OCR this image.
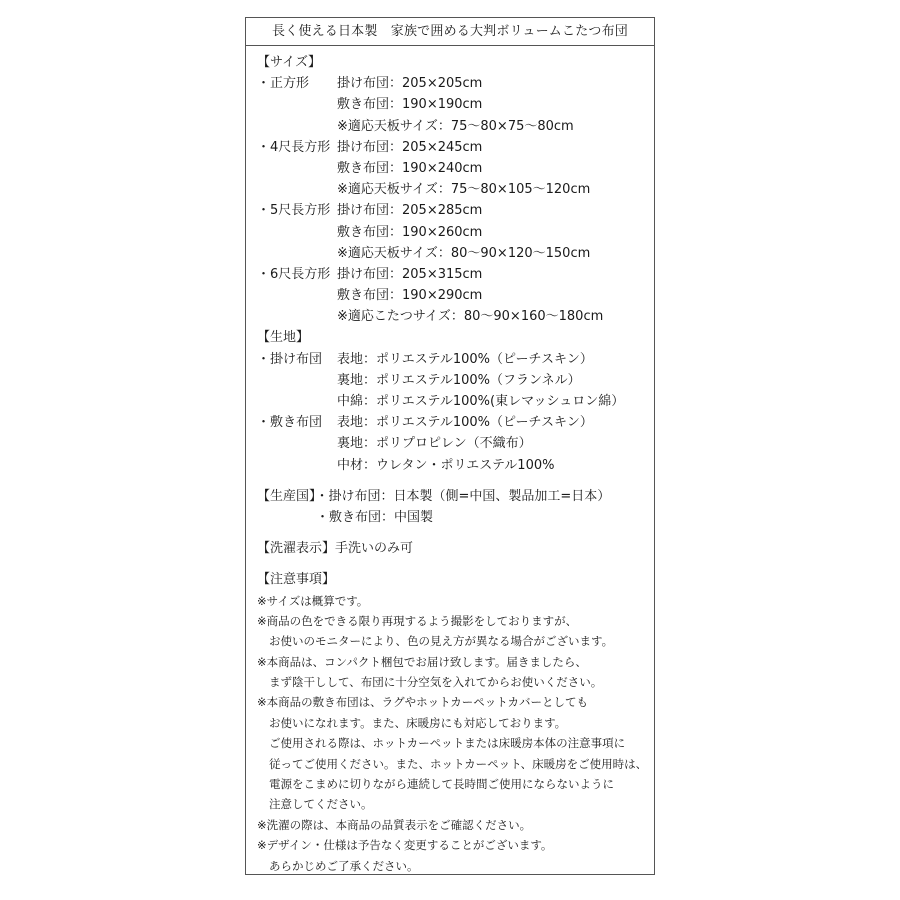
長く使える日本製　家族で囲める大判ボリュームこたつ布団
【サイズ】
・正方形 掛け布団：205×205cm
敷き布団：190×190cm
※適応天板サイズ：75～80×75～80cm
・4尺長方形 掛け布団：205×245cm
敷き布団：190×240cm
※適応天板サイズ：75～80×105～120cm
・5尺長方形 掛け布団：205×285cm
敷き布団：190×260cm
※適応天板サイズ：80～90×120～150cm
・6尺長方形 掛け布団：205×315cm
敷き布団：190×290cm
※適応こたつサイズ：80～90×160～180cm
【生地】
・掛け布団 表地：ポリエステル100%（ピーチスキン）
裏地：ポリエステル100%（フランネル）
中綿：ポリエステル100%(東レマッシュロン綿）
・敷き布団 表地：ポリエステル100%（ピーチスキン）
裏地：ポリプロピレン（不織布）
中材：ウレタン・ポリエステル100%
【生産国】・掛け布団：日本製（側=中国、製品加工=日本）
・敷き布団：中国製
【洗濯表示】手洗いのみ可
【注意事項】
※サイズは概算です。
※商品の色をできる限り再現するよう撮影をしておりますが、
お使いのモニターにより、色の見え方が異なる場合がございます。
※本商品は、コンパクト梱包でお届け致します。届きましたら、
まず陰干しして、布団に十分空気を入れてからお使いください。
※本商品の敷き布団は、ラグやホットカーペットカバーとしても
お使いになれます。また、床暖房にも対応しております。
ご使用される際は、ホットカーペットまたは床暖房本体の注意事項に
従ってご使用ください。また、ホットカーペット、床暖房をご使用時は、
電源をこまめに切りながら連続して長時間ご使用にならないように
注意してください。
※洗濯の際は、本商品の品質表示をご確認ください。
※デザイン・仕様は予告なく変更することがございます。
あらかじめご了承ください。
